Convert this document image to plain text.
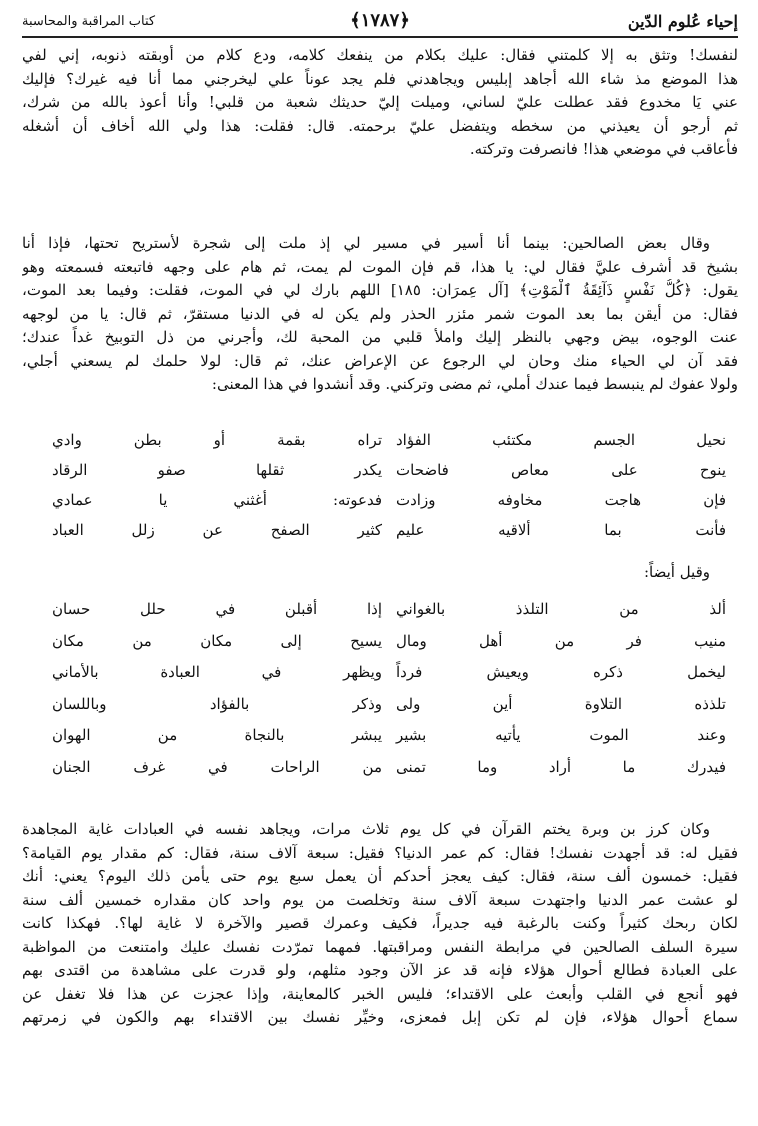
إحياء عُلوم الدّين
﴿١٧٨٧﴾
كتاب المراقبة والمحاسبة
لنفسك! وتثق به إلا كلمتني فقال: عليك بكلام من ينفعك كلامه، ودع كلام من أوبقته ذنوبه، إني لفي
هذا الموضع مذ شاء الله أجاهد إبليس ويجاهدني فلم يجد عوناً علي ليخرجني مما أنا فيه غيرك؟ فإليك
عني يَا مخدوع فقد عطلت عليّ لساني، وميلت إليّ حديثك شعبة من قلبي! وأنا أعوذ بالله من شرك،
ثم أرجو أن يعيذني من سخطه ويتفضل عليّ برحمته. قال: فقلت: هذا ولي الله أخاف أن أشغله
فأعاقب في موضعي هذا! فانصرفت وتركته.
وقال بعض الصالحين: بينما أنا أسير في مسير لي إذ ملت إلى شجرة لأستريح تحتها، فإذا أنا
بشيخ قد أشرف عليَّ فقال لي: يا هذا، قم فإن الموت لم يمت، ثم هام على وجهه فاتبعته فسمعته وهو
يقول: ﴿كُلُّ نَفْسٍ ذَآئِقَةُ ٱلْمَوْتِ﴾ [آل عِمرَان: ١٨٥] اللهم بارك لي في الموت، فقلت: وفيما بعد الموت،
فقال: من أيقن بما بعد الموت شمر مئزر الحذر ولم يكن له في الدنيا مستقرّ، ثم قال: يا من لوجهه
عنت الوجوه، بيض وجهي بالنظر إليك واملأ قلبي من المحبة لك، وأجرني من ذل التوبيخ غداً عندك؛
فقد آن لي الحياء منك وحان لي الرجوع عن الإعراض عنك، ثم قال: لولا حلمك لم يسعني أجلي،
ولولا عفوك لم ينبسط فيما عندك أملي، ثم مضى وتركني. وقد أنشدوا في هذا المعنى:
نحيل الجسم مكتئب الفؤاد
تراه بقمة أو بطن وادي
ينوح على معاص فاضحات
يكدر ثقلها صفو الرقاد
فإن هاجت مخاوفه وزادت
فدعوته: أغثني يا عمادي
فأنت بما ألاقيه عليم
كثير الصفح عن زلل العباد
وقيل أيضاً:
ألذ من التلذذ بالغواني
إذا أقبلن في حلل حسان
منيب فر من أهل ومال
يسيح إلى مكان من مكان
ليخمل ذكره ويعيش فرداً
ويظهر في العبادة بالأماني
تلذذه التلاوة أين ولى
وذكر بالفؤاد وباللسان
وعند الموت يأتيه بشير
يبشر بالنجاة من الهوان
فيدرك ما أراد وما تمنى
من الراحات في غرف الجنان
وكان كرز بن وبرة يختم القرآن في كل يوم ثلاث مرات، ويجاهد نفسه في العبادات غاية المجاهدة
فقيل له: قد أجهدت نفسك! فقال: كم عمر الدنيا؟ فقيل: سبعة آلاف سنة، فقال: كم مقدار يوم القيامة؟
فقيل: خمسون ألف سنة، فقال: كيف يعجز أحدكم أن يعمل سبع يوم حتى يأمن ذلك اليوم؟ يعني: أنك
لو عشت عمر الدنيا واجتهدت سبعة آلاف سنة وتخلصت من يوم واحد كان مقداره خمسين ألف سنة
لكان ربحك كثيراً وكنت بالرغبة فيه جديراً، فكيف وعمرك قصير والآخرة لا غاية لها؟. فهكذا كانت
سيرة السلف الصالحين في مرابطة النفس ومراقبتها. فمهما تمرّدت نفسك عليك وامتنعت من المواظبة
على العبادة فطالع أحوال هؤلاء فإنه قد عز الآن وجود مثلهم، ولو قدرت على مشاهدة من اقتدى بهم
فهو أنجع في القلب وأبعث على الاقتداء؛ فليس الخبر كالمعاينة، وإذا عجزت عن هذا فلا تغفل عن
سماع أحوال هؤلاء، فإن لم تكن إبل فمعزى، وخيِّر نفسك بين الاقتداء بهم والكون في زمرتهم
